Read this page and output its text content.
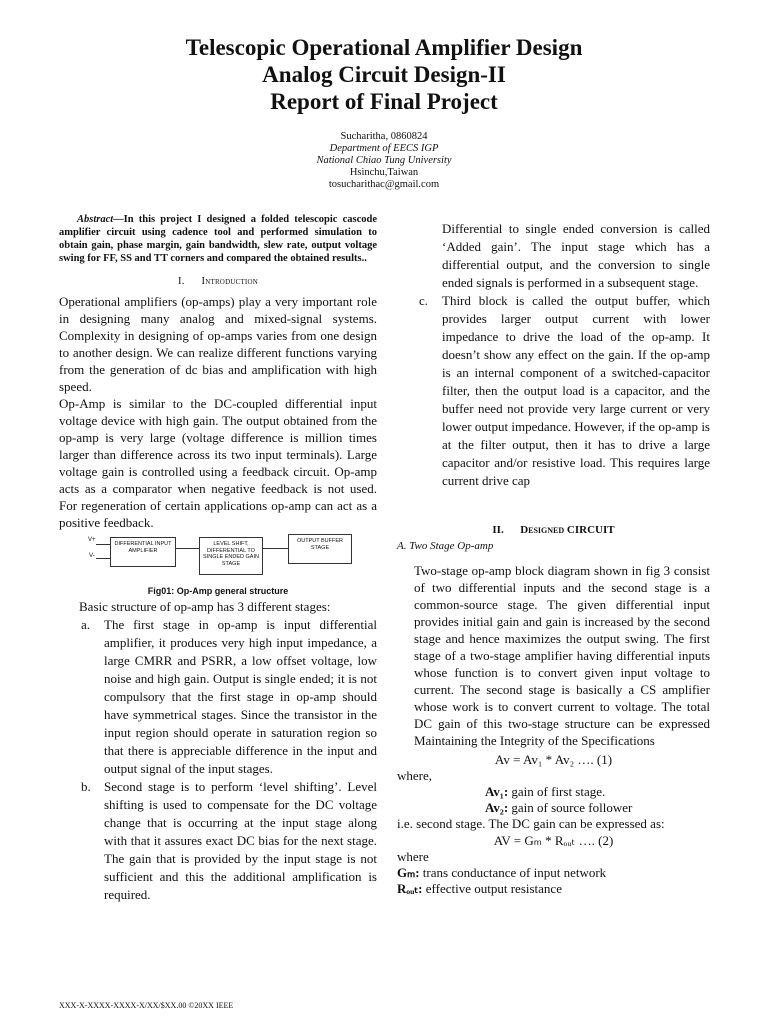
Telescopic Operational Amplifier Design
Analog Circuit Design-II
Report of Final Project
Sucharitha, 0860824
Department of EECS IGP
National Chiao Tung University
Hsinchu,Taiwan
tosucharithac@gmail.com
Abstract—In this project I designed a folded telescopic cascode amplifier circuit using cadence tool and performed simulation to obtain gain, phase margin, gain bandwidth, slew rate, output voltage swing for FF, SS and TT corners and compared the obtained results..
I. Introduction
Operational amplifiers (op-amps) play a very important role in designing many analog and mixed-signal systems. Complexity in designing of op-amps varies from one design to another design. We can realize different functions varying from the generation of dc bias and amplification with high speed.
Op-Amp is similar to the DC-coupled differential input voltage device with high gain. The output obtained from the op-amp is very large (voltage difference is million times larger than difference across its two input terminals). Large voltage gain is controlled using a feedback circuit. Op-amp acts as a comparator when negative feedback is not used. For regeneration of certain applications op-amp can act as a positive feedback.
V+
V-
DIFFERENTIAL INPUT AMPLIFIER
LEVEL SHIFT, DIFFERENTIAL TO SINGLE ENDED GAIN STAGE
OUTPUT BUFFER STAGE
Fig01: Op-Amp general structure
Basic structure of op-amp has 3 different stages:
a. The first stage in op-amp is input differential amplifier, it produces very high input impedance, a large CMRR and PSRR, a low offset voltage, low noise and high gain. Output is single ended; it is not compulsory that the first stage in op-amp should have symmetrical stages. Since the transistor in the input region should operate in saturation region so that there is appreciable difference in the input and output signal of the input stages.
b. Second stage is to perform ‘level shifting’. Level shifting is used to compensate for the DC voltage change that is occurring at the input stage along with that it assures exact DC bias for the next stage. The gain that is provided by the input stage is not sufficient and this the additional amplification is required.
Differential to single ended conversion is called ‘Added gain’. The input stage which has a differential output, and the conversion to single ended signals is performed in a subsequent stage.
c. Third block is called the output buffer, which provides larger output current with lower impedance to drive the load of the op-amp. It doesn’t show any effect on the gain. If the op-amp is an internal component of a switched-capacitor filter, then the output load is a capacitor, and the buffer need not provide very large current or very lower output impedance. However, if the op-amp is at the filter output, then it has to drive a large capacitor and/or resistive load. This requires large current drive cap
II. Designed CIRCUIT
A. Two Stage Op-amp
Two-stage op-amp block diagram shown in fig 3 consist of two differential inputs and the second stage is a common-source stage. The given differential input provides initial gain and gain is increased by the second stage and hence maximizes the output swing. The first stage of a two-stage amplifier having differential inputs whose function is to convert given input voltage to current. The second stage is basically a CS amplifier whose work is to convert current to voltage. The total DC gain of this two-stage structure can be expressed Maintaining the Integrity of the Specifications
Av = Av₁ * Av₂ …. (1)
where,
Av₁: gain of first stage.
Av₂: gain of source follower
i.e. second stage. The DC gain can be expressed as:
AV = Gₘ * Rₒᵤₜ …. (2)
where
Gₘ: trans conductance of input network
Rₒᵤₜ: effective output resistance
XXX-X-XXXX-XXXX-X/XX/$XX.00 ©20XX IEEE
